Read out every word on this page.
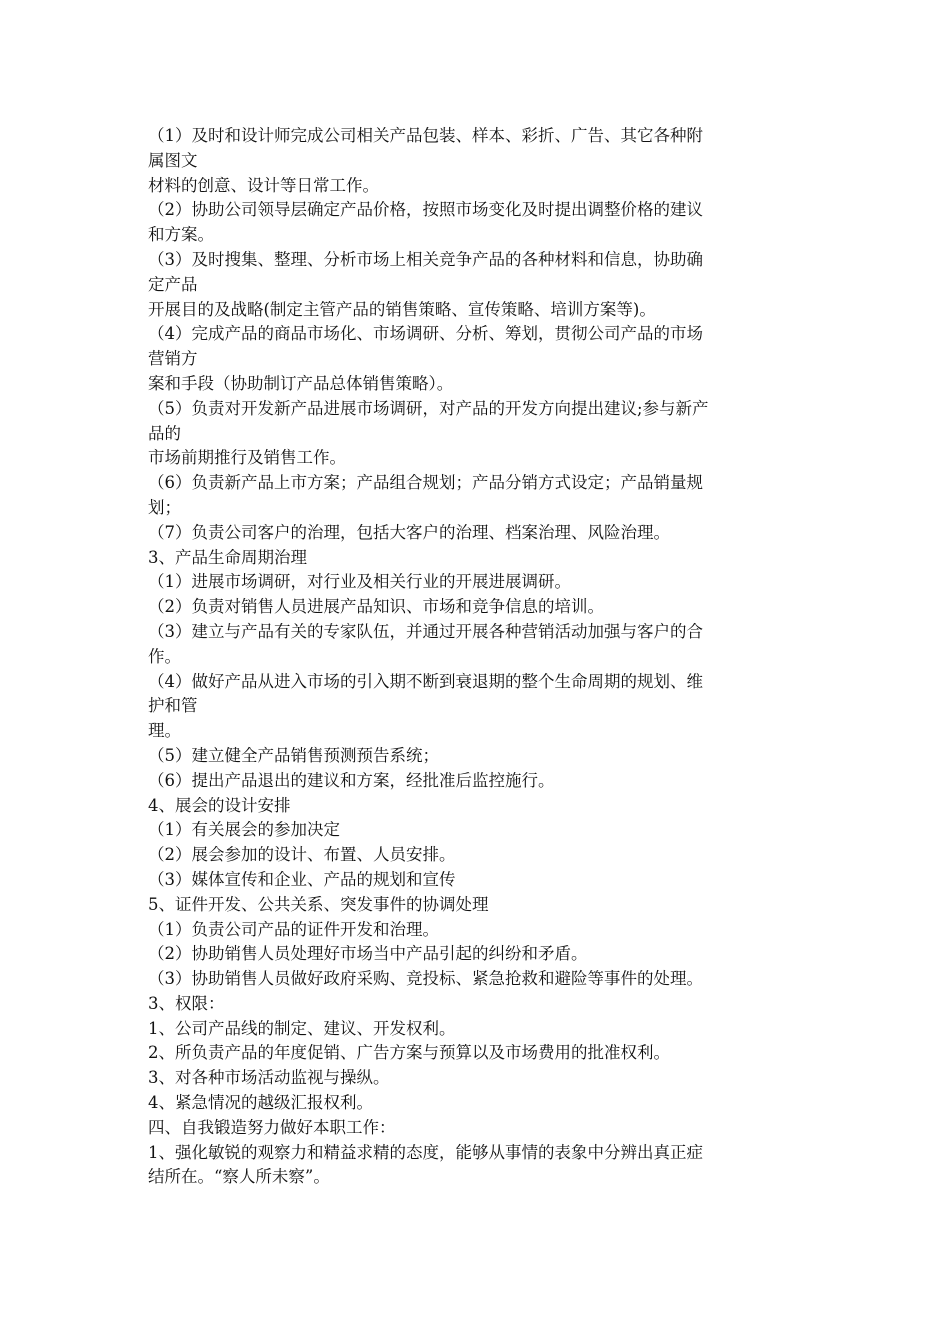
（1）及时和设计师完成公司相关产品包装、样本、彩折、广告、其它各种附
属图文
材料的创意、设计等日常工作。
（2）协助公司领导层确定产品价格，按照市场变化及时提出调整价格的建议
和方案。
（3）及时搜集、整理、分析市场上相关竞争产品的各种材料和信息，协助确
定产品
开展目的及战略(制定主管产品的销售策略、宣传策略、培训方案等)。
（4）完成产品的商品市场化、市场调研、分析、筹划，贯彻公司产品的市场
营销方
案和手段（协助制订产品总体销售策略）。
（5）负责对开发新产品进展市场调研，对产品的开发方向提出建议;参与新产
品的
市场前期推行及销售工作。
（6）负责新产品上市方案；产品组合规划；产品分销方式设定；产品销量规
划；
（7）负责公司客户的治理，包括大客户的治理、档案治理、风险治理。
3、产品生命周期治理
（1）进展市场调研，对行业及相关行业的开展进展调研。
（2）负责对销售人员进展产品知识、市场和竞争信息的培训。
（3）建立与产品有关的专家队伍，并通过开展各种营销活动加强与客户的合
作。
（4）做好产品从进入市场的引入期不断到衰退期的整个生命周期的规划、维
护和管
理。
（5）建立健全产品销售预测预告系统；
（6）提出产品退出的建议和方案，经批准后监控施行。
4、展会的设计安排
（1）有关展会的参加决定
（2）展会参加的设计、布置、人员安排。
（3）媒体宣传和企业、产品的规划和宣传
5、证件开发、公共关系、突发事件的协调处理
（1）负责公司产品的证件开发和治理。
（2）协助销售人员处理好市场当中产品引起的纠纷和矛盾。
（3）协助销售人员做好政府采购、竞投标、紧急抢救和避险等事件的处理。
3、权限：
1、公司产品线的制定、建议、开发权利。
2、所负责产品的年度促销、广告方案与预算以及市场费用的批准权利。
3、对各种市场活动监视与操纵。
4、紧急情况的越级汇报权利。
四、自我锻造努力做好本职工作：
1、强化敏锐的观察力和精益求精的态度，能够从事情的表象中分辨出真正症
结所在。“察人所未察”。
